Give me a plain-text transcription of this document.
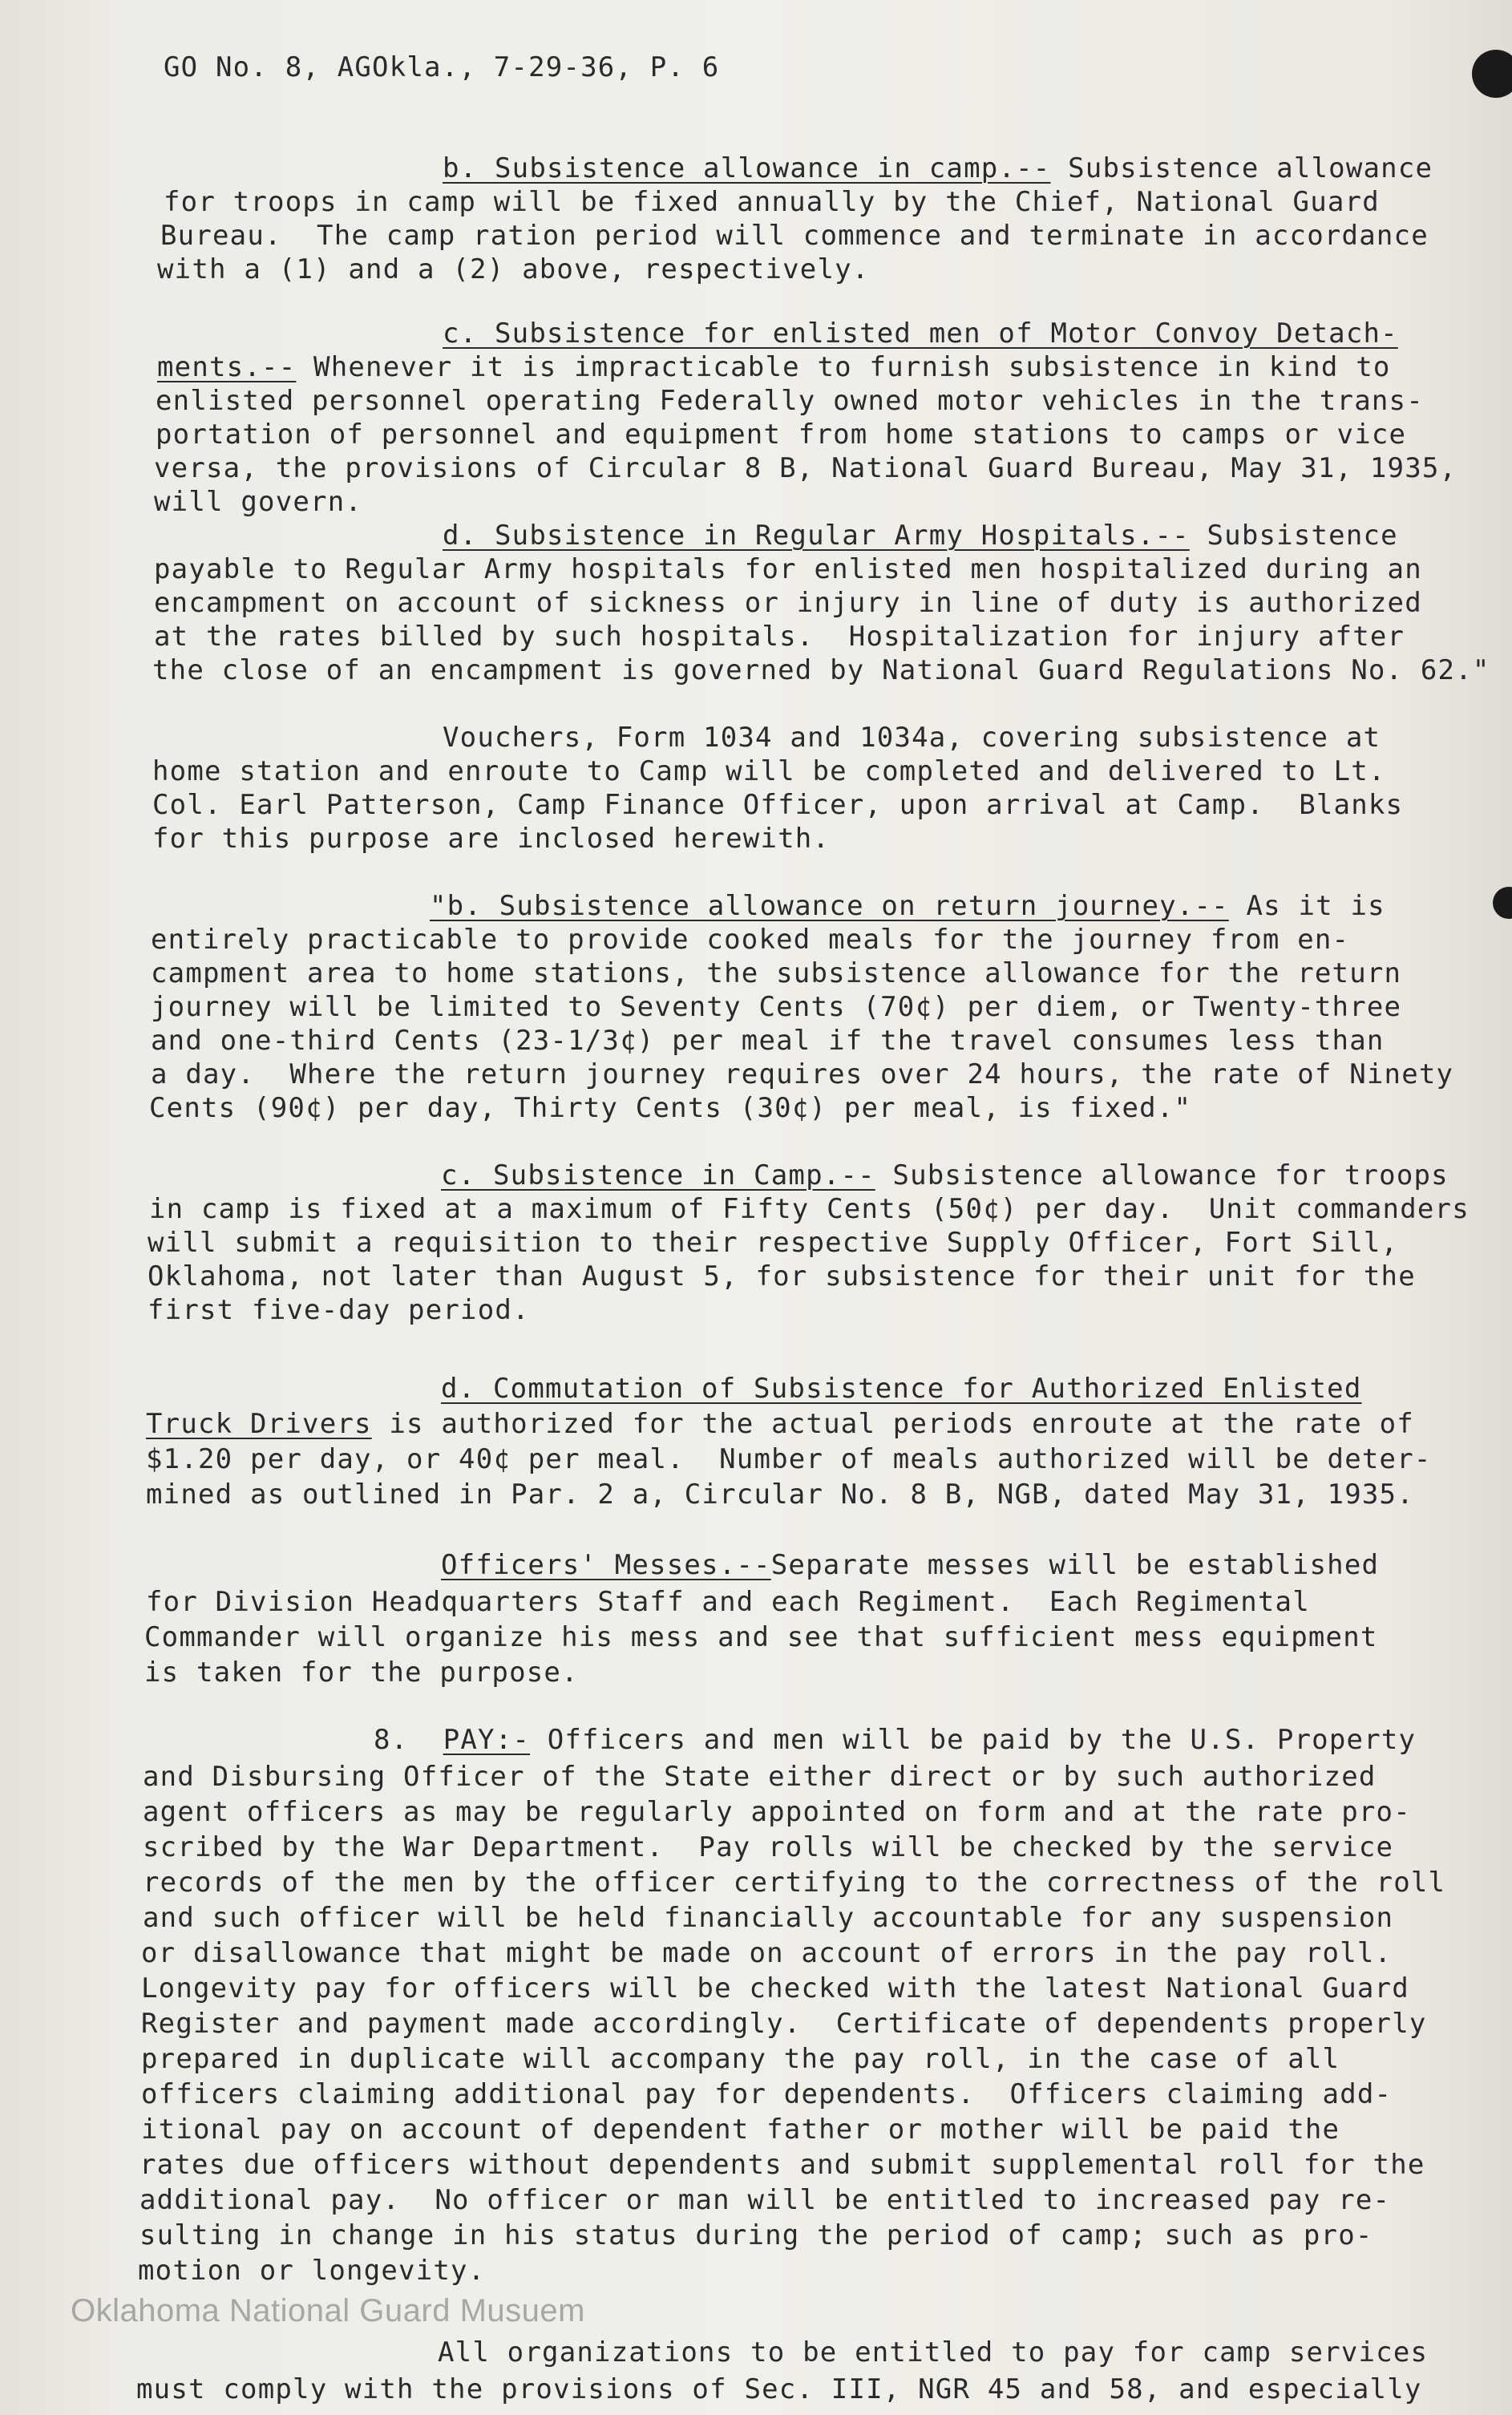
GO No. 8, AGOkla., 7-29-36, P. 6
b. Subsistence allowance in camp.-- Subsistence allowance
for troops in camp will be fixed annually by the Chief, National Guard
Bureau.  The camp ration period will commence and terminate in accordance
with a (1) and a (2) above, respectively.
c. Subsistence for enlisted men of Motor Convoy Detach-
ments.-- Whenever it is impracticable to furnish subsistence in kind to
enlisted personnel operating Federally owned motor vehicles in the trans-
portation of personnel and equipment from home stations to camps or vice
versa, the provisions of Circular 8 B, National Guard Bureau, May 31, 1935,
will govern.
d. Subsistence in Regular Army Hospitals.-- Subsistence
payable to Regular Army hospitals for enlisted men hospitalized during an
encampment on account of sickness or injury in line of duty is authorized
at the rates billed by such hospitals.  Hospitalization for injury after
the close of an encampment is governed by National Guard Regulations No. 62."
Vouchers, Form 1034 and 1034a, covering subsistence at
home station and enroute to Camp will be completed and delivered to Lt.
Col. Earl Patterson, Camp Finance Officer, upon arrival at Camp.  Blanks
for this purpose are inclosed herewith.
"b. Subsistence allowance on return journey.-- As it is
entirely practicable to provide cooked meals for the journey from en-
campment area to home stations, the subsistence allowance for the return
journey will be limited to Seventy Cents (70¢) per diem, or Twenty-three
and one-third Cents (23-1/3¢) per meal if the travel consumes less than
a day.  Where the return journey requires over 24 hours, the rate of Ninety
Cents (90¢) per day, Thirty Cents (30¢) per meal, is fixed."
c. Subsistence in Camp.-- Subsistence allowance for troops
in camp is fixed at a maximum of Fifty Cents (50¢) per day.  Unit commanders
will submit a requisition to their respective Supply Officer, Fort Sill,
Oklahoma, not later than August 5, for subsistence for their unit for the
first five-day period.
d. Commutation of Subsistence for Authorized Enlisted
Truck Drivers is authorized for the actual periods enroute at the rate of
$1.20 per day, or 40¢ per meal.  Number of meals authorized will be deter-
mined as outlined in Par. 2 a, Circular No. 8 B, NGB, dated May 31, 1935.
Officers' Messes.--Separate messes will be established
for Division Headquarters Staff and each Regiment.  Each Regimental
Commander will organize his mess and see that sufficient mess equipment
is taken for the purpose.
8. PAY:- Officers and men will be paid by the U.S. Property
and Disbursing Officer of the State either direct or by such authorized
agent officers as may be regularly appointed on form and at the rate pro-
scribed by the War Department.  Pay rolls will be checked by the service
records of the men by the officer certifying to the correctness of the roll
and such officer will be held financially accountable for any suspension
or disallowance that might be made on account of errors in the pay roll.
Longevity pay for officers will be checked with the latest National Guard
Register and payment made accordingly.  Certificate of dependents properly
prepared in duplicate will accompany the pay roll, in the case of all
officers claiming additional pay for dependents.  Officers claiming add-
itional pay on account of dependent father or mother will be paid the
rates due officers without dependents and submit supplemental roll for the
additional pay.  No officer or man will be entitled to increased pay re-
sulting in change in his status during the period of camp; such as pro-
motion or longevity.
All organizations to be entitled to pay for camp services
must comply with the provisions of Sec. III, NGR 45 and 58, and especially
Oklahoma National Guard Musuem
